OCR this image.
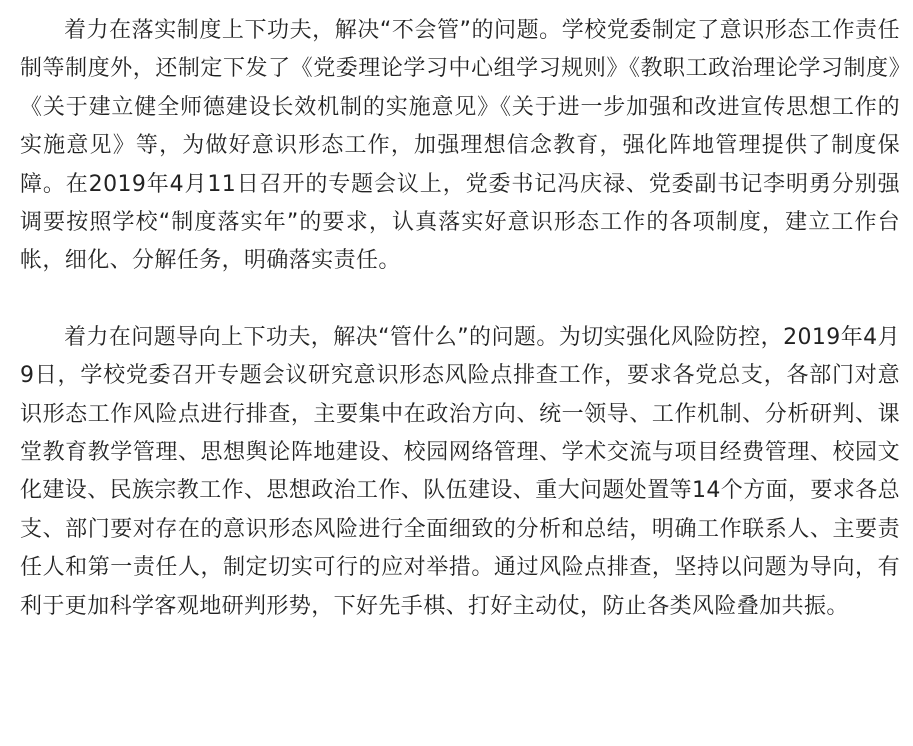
着力在落实制度上下功夫，解决“不会管”的问题。学校党委制定了意识形态工作责任制等制度外，还制定下发了《党委理论学习中心组学习规则》《教职工政治理论学习制度》《关于建立健全师德建设长效机制的实施意见》《关于进一步加强和改进宣传思想工作的实施意见》等，为做好意识形态工作，加强理想信念教育，强化阵地管理提供了制度保障。在2019年4月11日召开的专题会议上，党委书记冯庆禄、党委副书记李明勇分别强调要按照学校“制度落实年”的要求，认真落实好意识形态工作的各项制度，建立工作台帐，细化、分解任务，明确落实责任。

着力在问题导向上下功夫，解决“管什么”的问题。为切实强化风险防控，2019年4月9日，学校党委召开专题会议研究意识形态风险点排查工作，要求各党总支，各部门对意识形态工作风险点进行排查，主要集中在政治方向、统一领导、工作机制、分析研判、课堂教育教学管理、思想舆论阵地建设、校园网络管理、学术交流与项目经费管理、校园文化建设、民族宗教工作、思想政治工作、队伍建设、重大问题处置等14个方面，要求各总支、部门要对存在的意识形态风险进行全面细致的分析和总结，明确工作联系人、主要责任人和第一责任人，制定切实可行的应对举措。通过风险点排查，坚持以问题为导向，有利于更加科学客观地研判形势，下好先手棋、打好主动仗，防止各类风险叠加共振。
